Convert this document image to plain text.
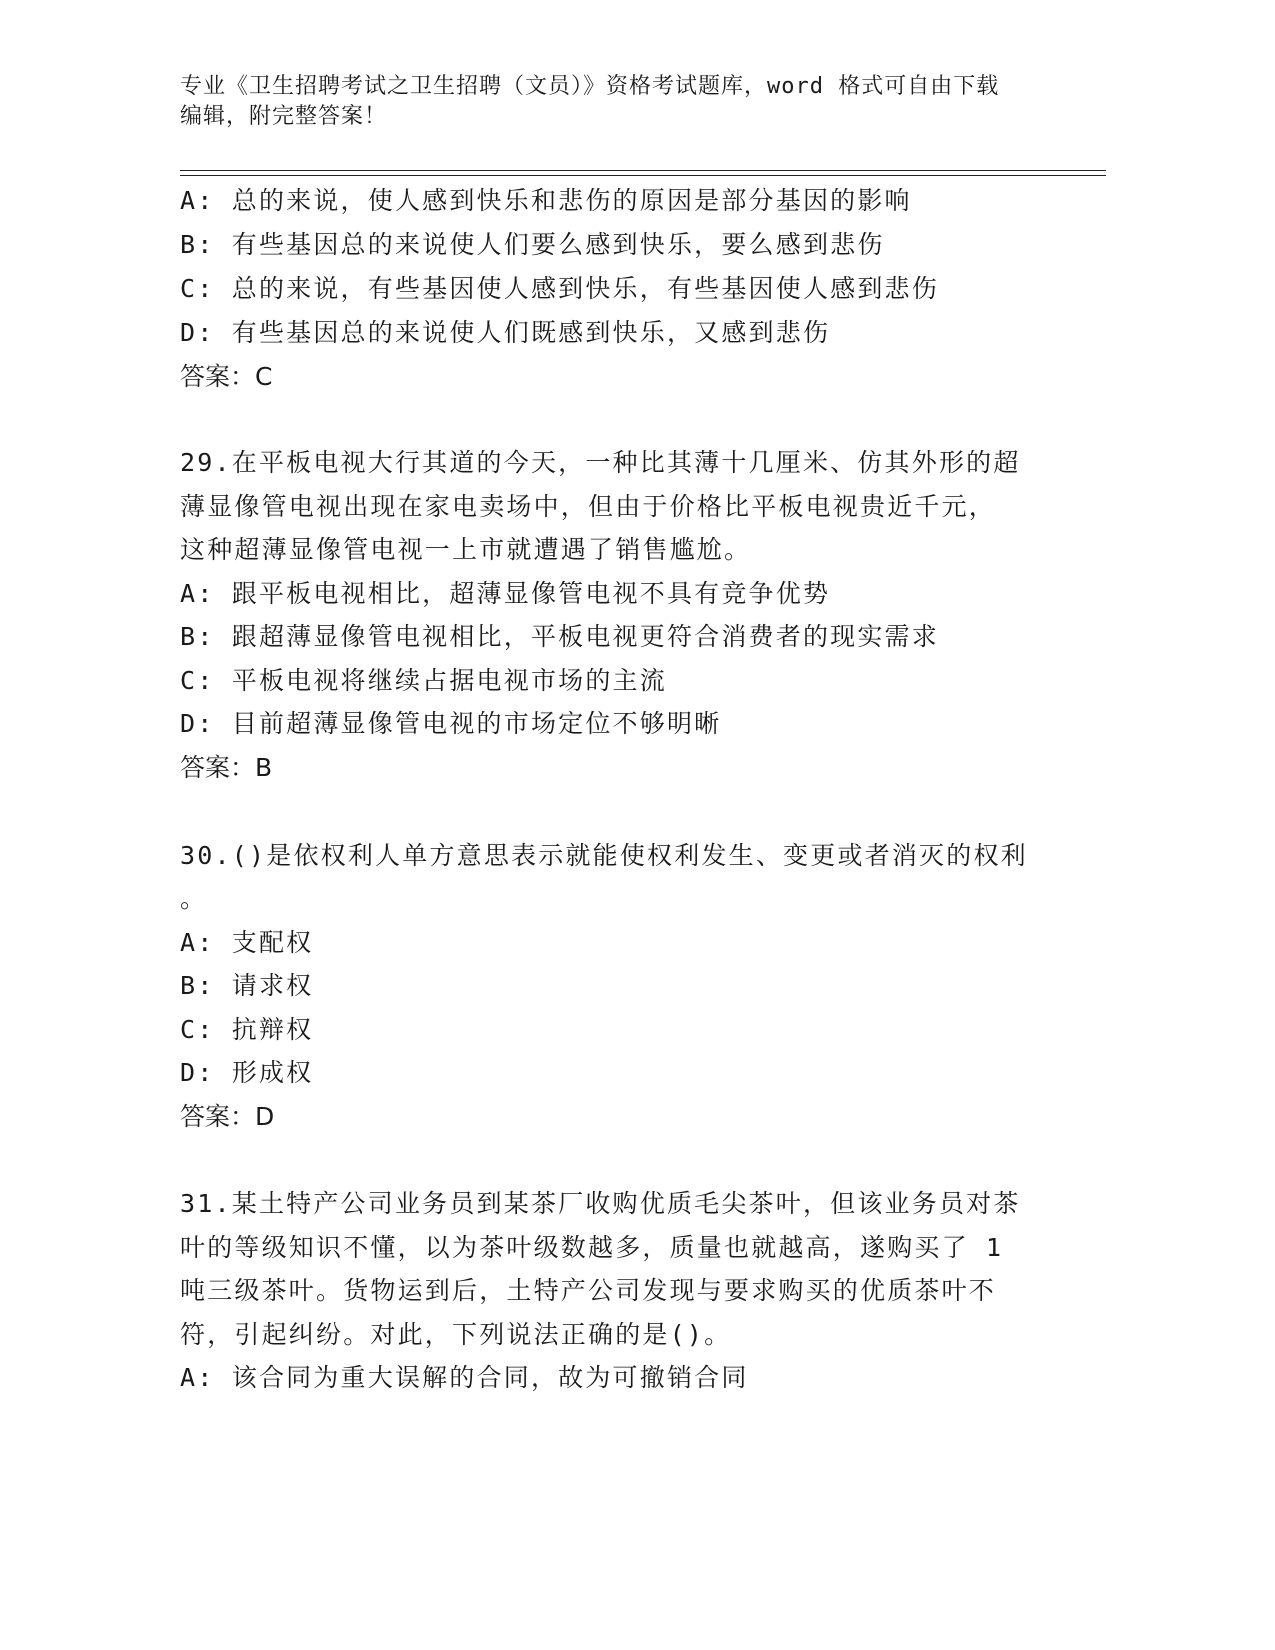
专业《卫生招聘考试之卫生招聘（文员）》资格考试题库，word 格式可自由下载
编辑，附完整答案！
A: 总的来说，使人感到快乐和悲伤的原因是部分基因的影响
B: 有些基因总的来说使人们要么感到快乐，要么感到悲伤
C: 总的来说，有些基因使人感到快乐，有些基因使人感到悲伤
D: 有些基因总的来说使人们既感到快乐，又感到悲伤
答案：C
29.在平板电视大行其道的今天，一种比其薄十几厘米、仿其外形的超
薄显像管电视出现在家电卖场中，但由于价格比平板电视贵近千元，
这种超薄显像管电视一上市就遭遇了销售尴尬。
A: 跟平板电视相比，超薄显像管电视不具有竞争优势
B: 跟超薄显像管电视相比，平板电视更符合消费者的现实需求
C: 平板电视将继续占据电视市场的主流
D: 目前超薄显像管电视的市场定位不够明晰
答案：B
30.()是依权利人单方意思表示就能使权利发生、变更或者消灭的权利
。
A: 支配权
B: 请求权
C: 抗辩权
D: 形成权
答案：D
31.某土特产公司业务员到某茶厂收购优质毛尖茶叶，但该业务员对茶
叶的等级知识不懂，以为茶叶级数越多，质量也就越高，遂购买了 1
吨三级茶叶。货物运到后，土特产公司发现与要求购买的优质茶叶不
符，引起纠纷。对此，下列说法正确的是()。
A: 该合同为重大误解的合同，故为可撤销合同
